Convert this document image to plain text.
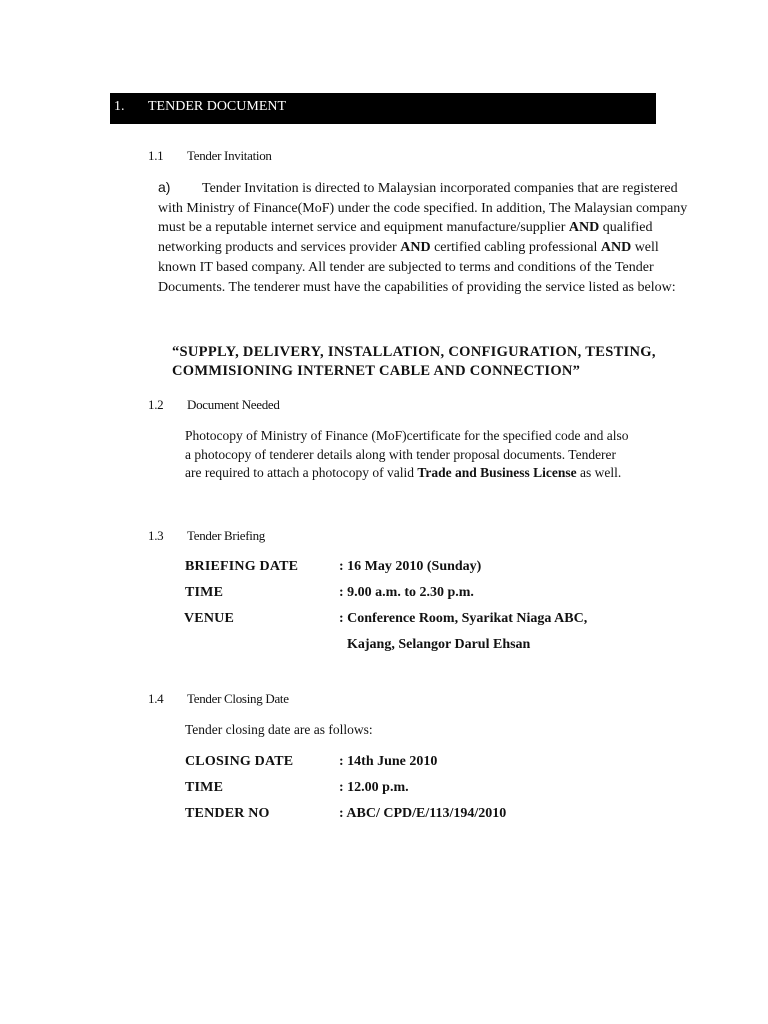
1. TENDER DOCUMENT
1.1 Tender Invitation
a) Tender Invitation is directed to Malaysian incorporated companies that are registered
with Ministry of Finance(MoF) under the code specified. In addition, The Malaysian company
must be a reputable internet service and equipment manufacture/supplier AND qualified
networking products and services provider AND certified cabling professional AND well
known IT based company. All tender are subjected to terms and conditions of the Tender
Documents. The tenderer must have the capabilities of providing the service listed as below:
“SUPPLY, DELIVERY, INSTALLATION, CONFIGURATION, TESTING,
COMMISIONING INTERNET CABLE AND CONNECTION”
1.2 Document Needed
Photocopy of Ministry of Finance (MoF)certificate for the specified code and also
a photocopy of tenderer details along with tender proposal documents. Tenderer
are required to attach a photocopy of valid Trade and Business License as well.
1.3 Tender Briefing
BRIEFING DATE	: 16 May 2010 (Sunday)
TIME	: 9.00 a.m. to 2.30 p.m.
VENUE	: Conference Room, Syarikat Niaga ABC,
Kajang, Selangor Darul Ehsan
1.4 Tender Closing Date
Tender closing date are as follows:
CLOSING DATE	: 14th June 2010
TIME	: 12.00 p.m.
TENDER NO	: ABC/ CPD/E/113/194/2010
